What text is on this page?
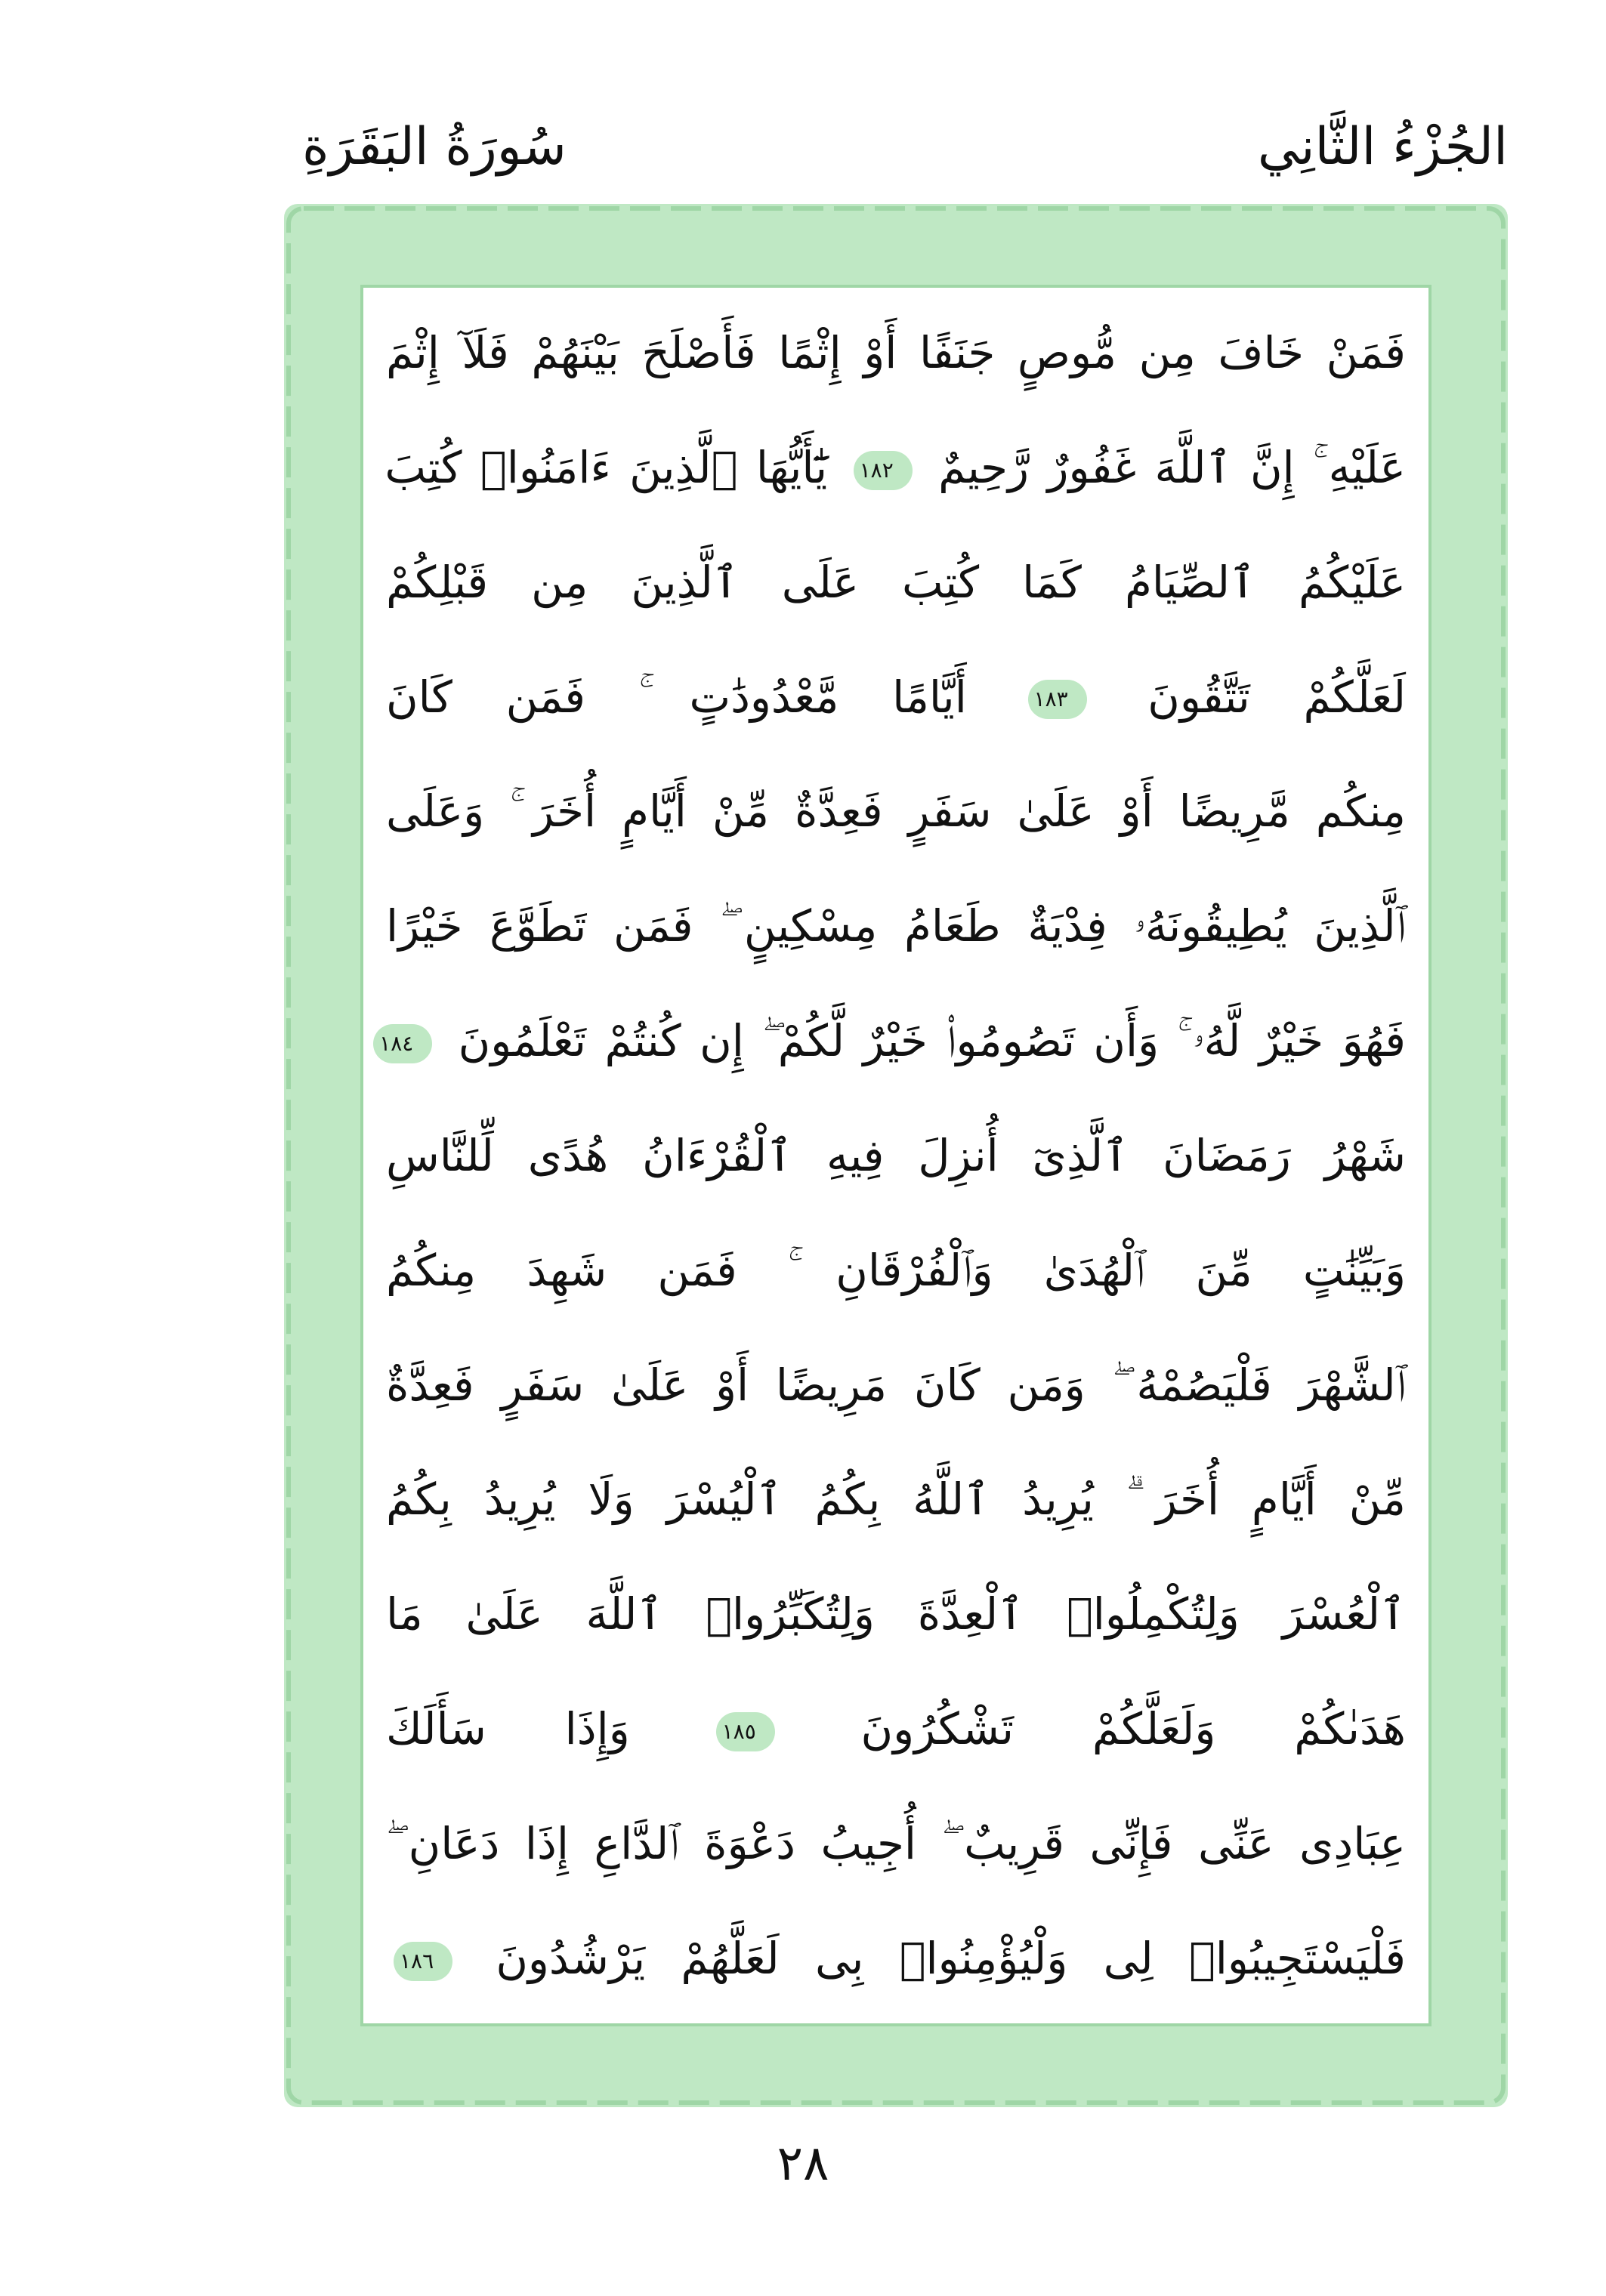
سُورَةُ البَقَرَةِ	الجُزْءُ الثَّانِي
فَمَنْ خَافَ مِن مُّوصٍ جَنَفًا أَوْ إِثْمًا فَأَصْلَحَ بَيْنَهُمْ فَلَآ إِثْمَ
عَلَيْهِ ۚ إِنَّ ٱللَّهَ غَفُورٌ رَّحِيمٌ ١٨٢ يَٰٓأَيُّهَا ٱلَّذِينَ ءَامَنُوا۟ كُتِبَ
عَلَيْكُمُ ٱلصِّيَامُ كَمَا كُتِبَ عَلَى ٱلَّذِينَ مِن قَبْلِكُمْ
لَعَلَّكُمْ تَتَّقُونَ ١٨٣ أَيَّامًا مَّعْدُودَٰتٍ ۚ فَمَن كَانَ
مِنكُم مَّرِيضًا أَوْ عَلَىٰ سَفَرٍ فَعِدَّةٌ مِّنْ أَيَّامٍ أُخَرَ ۚ وَعَلَى
ٱلَّذِينَ يُطِيقُونَهُۥ فِدْيَةٌ طَعَامُ مِسْكِينٍ ۖ فَمَن تَطَوَّعَ خَيْرًا
فَهُوَ خَيْرٌ لَّهُۥ ۚ وَأَن تَصُومُوا۟ خَيْرٌ لَّكُمْ ۖ إِن كُنتُمْ تَعْلَمُونَ ١٨٤
شَهْرُ رَمَضَانَ ٱلَّذِىٓ أُنزِلَ فِيهِ ٱلْقُرْءَانُ هُدًى لِّلنَّاسِ
وَبَيِّنَٰتٍ مِّنَ ٱلْهُدَىٰ وَٱلْفُرْقَانِ ۚ فَمَن شَهِدَ مِنكُمُ
ٱلشَّهْرَ فَلْيَصُمْهُ ۖ وَمَن كَانَ مَرِيضًا أَوْ عَلَىٰ سَفَرٍ فَعِدَّةٌ
مِّنْ أَيَّامٍ أُخَرَ ۗ يُرِيدُ ٱللَّهُ بِكُمُ ٱلْيُسْرَ وَلَا يُرِيدُ بِكُمُ
ٱلْعُسْرَ وَلِتُكْمِلُوا۟ ٱلْعِدَّةَ وَلِتُكَبِّرُوا۟ ٱللَّهَ عَلَىٰ مَا
هَدَىٰكُمْ وَلَعَلَّكُمْ تَشْكُرُونَ ١٨٥ وَإِذَا سَأَلَكَ
عِبَادِى عَنِّى فَإِنِّى قَرِيبٌ ۖ أُجِيبُ دَعْوَةَ ٱلدَّاعِ إِذَا دَعَانِ ۖ
فَلْيَسْتَجِيبُوا۟ لِى وَلْيُؤْمِنُوا۟ بِى لَعَلَّهُمْ يَرْشُدُونَ ١٨٦
٢٨
